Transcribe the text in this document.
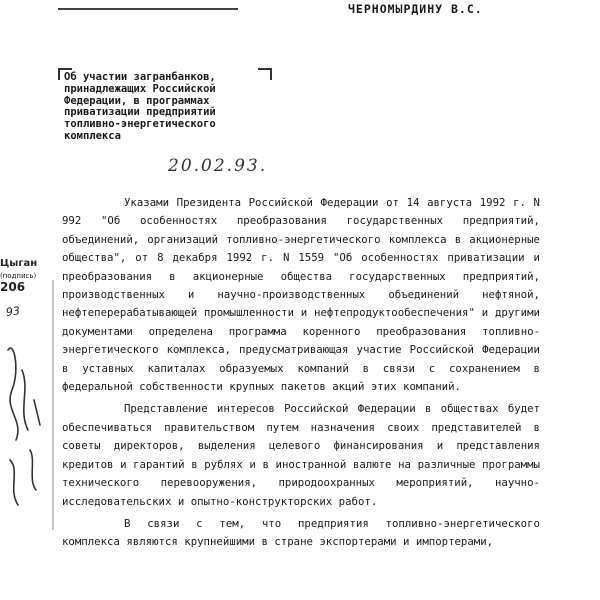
ЧЕРНОМЫРДИНУ В.С.
Об участии загранбанков,
принадлежащих Российской
Федерации, в программах
приватизации предприятий
топливно-энергетического
комплекса
20.02.93.
Цыган
(подпись)
206
93

Указами Президента Российской Федерации от 14 августа 1992 г. N 992 "Об особенностях преобразования государственных предприятий, объединений, организаций топливно-энергетического комплекса в акционерные общества", от 8 декабря 1992 г. N 1559 "Об особенностях приватизации и преобразования в акционерные общества государственных предприятий, производственных и научно-производственных объединений нефтяной, нефтеперерабатывающей промышленности и нефтепродуктообеспечения" и другими документами определена программа коренного преобразования топливно-энергетического комплекса, предусматривающая участие Российской Федерации в уставных капиталах образуемых компаний в связи с сохранением в федеральной собственности крупных пакетов акций этих компаний.

Представление интересов Российской Федерации в обществах будет обеспечиваться правительством путем назначения своих представителей в советы директоров, выделения целевого финансирования и представления кредитов и гарантий в рублях и в иностранной валюте на различные программы технического перевооружения, природоохранных мероприятий, научно-исследовательских и опытно-конструкторских работ.

В связи с тем, что предприятия топливно-энергетического комплекса являются крупнейшими в стране экспортерами и импортерами,
